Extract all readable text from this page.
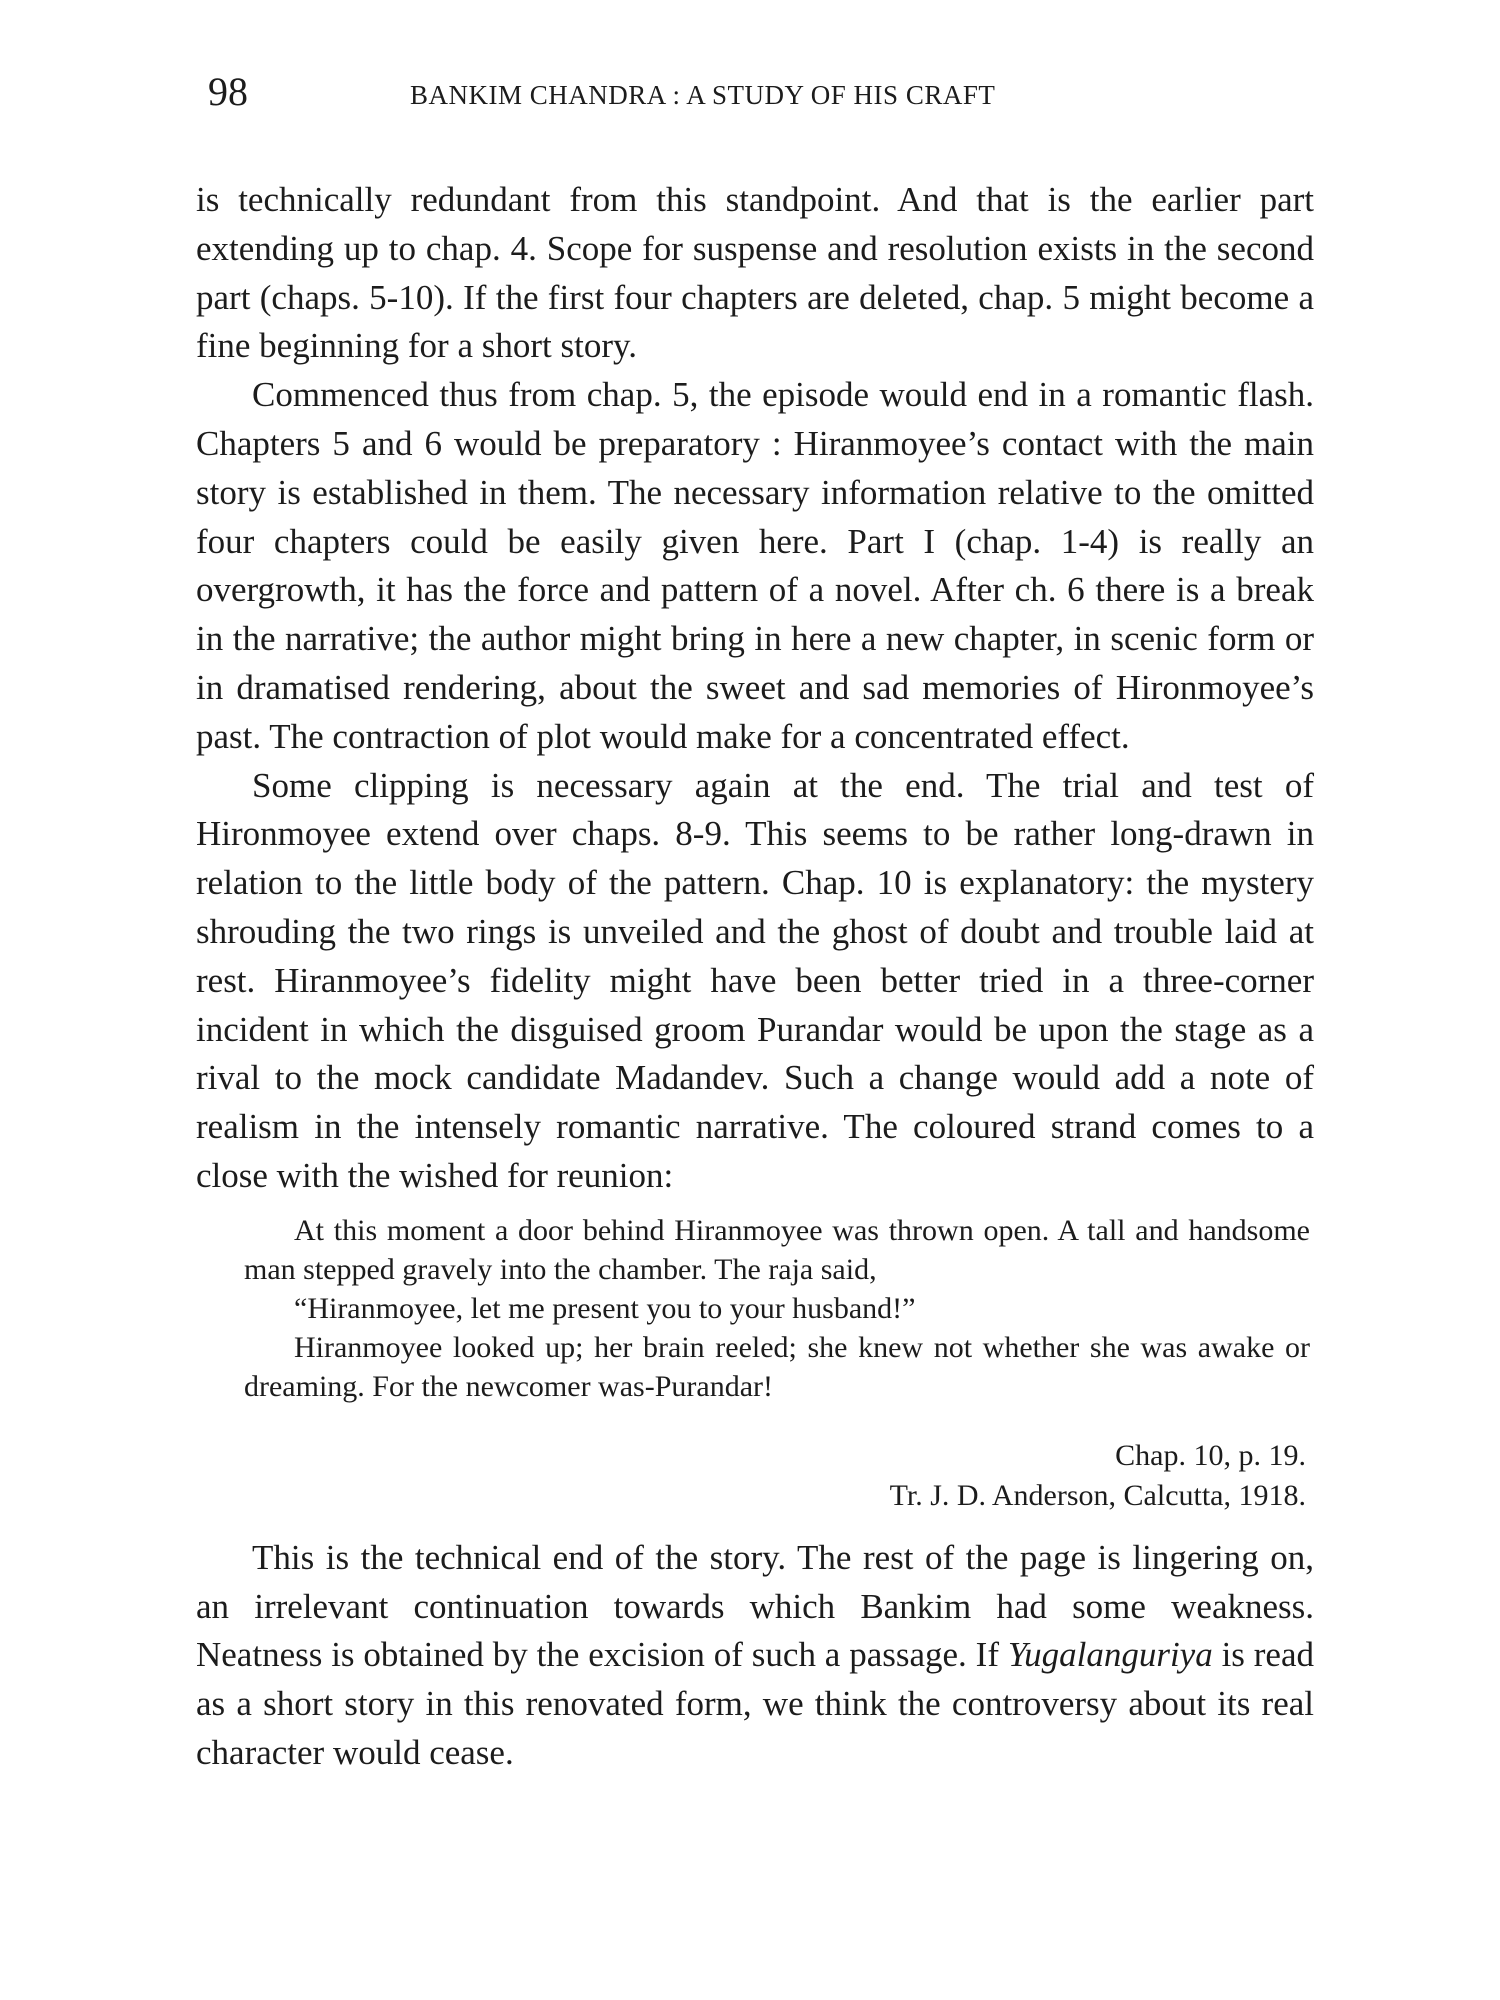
98	BANKIM CHANDRA : A STUDY OF HIS CRAFT

is technically redundant from this standpoint. And that is the earlier part extending up to chap. 4. Scope for suspense and resolution exists in the second part (chaps. 5-10). If the first four chapters are deleted, chap. 5 might become a fine beginning for a short story.

Commenced thus from chap. 5, the episode would end in a romantic flash. Chapters 5 and 6 would be preparatory : Hiranmoyee’s contact with the main story is established in them. The necessary information relative to the omitted four chapters could be easily given here. Part I (chap. 1-4) is really an overgrowth, it has the force and pattern of a novel. After ch. 6 there is a break in the narrative; the author might bring in here a new chapter, in scenic form or in dramatised rendering, about the sweet and sad memories of Hironmoyee’s past. The contraction of plot would make for a concentrated effect.

Some clipping is necessary again at the end. The trial and test of Hironmoyee extend over chaps. 8-9. This seems to be rather long-drawn in relation to the little body of the pattern. Chap. 10 is explanatory: the mystery shrouding the two rings is unveiled and the ghost of doubt and trouble laid at rest. Hiranmoyee’s fidelity might have been better tried in a three-corner incident in which the disguised groom Purandar would be upon the stage as a rival to the mock candidate Madandev. Such a change would add a note of realism in the intensely romantic narrative. The coloured strand comes to a close with the wished for reunion:

At this moment a door behind Hiranmoyee was thrown open. A tall and handsome man stepped gravely into the chamber. The raja said,

“Hiranmoyee, let me present you to your husband!”

Hiranmoyee looked up; her brain reeled; she knew not whether she was awake or dreaming. For the newcomer was-Purandar!

Chap. 10, p. 19.
Tr. J. D. Anderson, Calcutta, 1918.

This is the technical end of the story. The rest of the page is lingering on, an irrelevant continuation towards which Bankim had some weakness. Neatness is obtained by the excision of such a passage. If Yugalanguriya is read as a short story in this renovated form, we think the controversy about its real character would cease.
